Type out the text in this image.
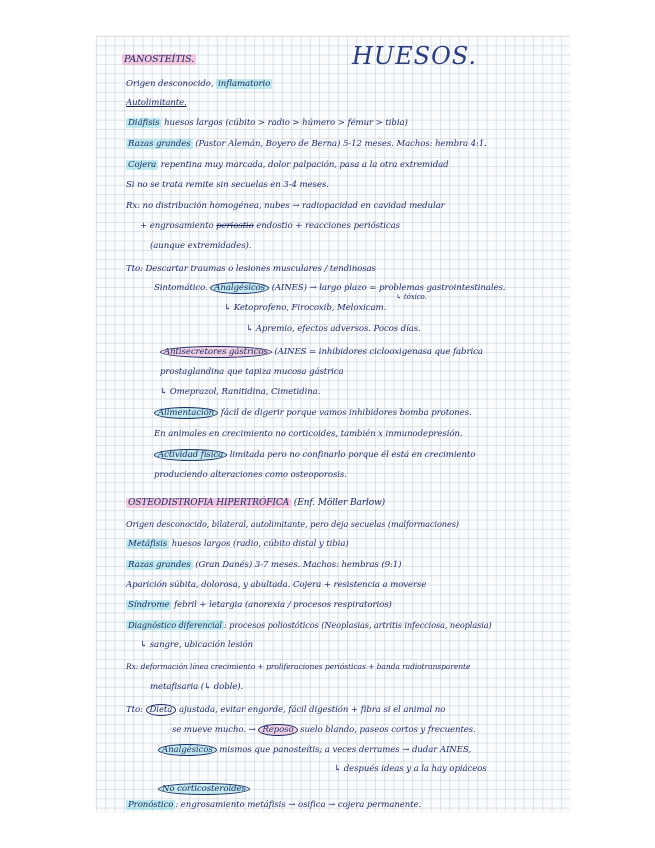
HUESOS.
PANOSTEÍTIS.
Origen desconocido, inflamatorio
Autolimitante.
Diáfisis huesos largos (cúbito > radio > húmero > fémur > tibia)
Razas grandes (Pastor Alemán, Boyero de Berna) 5-12 meses. Machos: hembra 4:1.
Cojera repentina muy marcada, dolor palpación, pasa a la otra extremidad
Si no se trata remite sin secuelas en 3-4 meses.
Rx: no distribución homogénea, nubes → radiopacidad en cavidad medular
+ engrosamiento periostio endostio + reacciones periósticas
(aunque extremidades).
Tto: Descartar traumas o lesiones musculares / tendinosas
Sintomático. Analgésicos (AINES) → largo plazo = problemas gastrointestinales.
↳ tóxico.
↳ Ketoprofeno, Firocoxib, Meloxicam.
↳ Apremio, efectos adversos. Pocos días.
Antisecretores gástricos (AINES = inhibidores ciclooxigenasa que fabrica
prostaglandina que tapiza mucosa gástrica
↳ Omeprazol, Ranitidina, Cimetidina.
Alimentación fácil de digerir porque vamos inhibidores bomba protones.
En animales en crecimiento no corticoides, también x inmunodepresión.
Actividad física limitada pero no confinarlo porque él está en crecimiento
produciendo alteraciones como osteoporosis.
OSTEODISTROFIA HIPERTRÓFICA (Enf. Möller Barlow)
Origen desconocido, bilateral, autolimitante, pero deja secuelas (malformaciones)
Metáfisis huesos largos (radio, cúbito distal y tibia)
Razas grandes (Gran Danés) 3-7 meses. Machos: hembras (9:1)
Aparición súbita, dolorosa, y abultada. Cojera + resistencia a moverse
Síndrome febril + letargia (anorexia / procesos respiratorios)
Diagnóstico diferencial : procesos poliostóticos (Neoplasias, artritis infecciosa, neoplasia)
↳ sangre, ubicación lesión
Rx: deformación línea crecimiento + proliferaciones periósticas + banda radiotransparente
metafisaria (↳ doble).
Tto: Dieta ajustada, evitar engorde, fácil digestión + fibra si el animal no
se mueve mucho. → Reposo suelo blando, paseos cortos y frecuentes.
Analgésicos mismos que panosteítis; a veces derrames → dudar AINES,
↳ después ideas y a la hay opiáceos
No corticosteroides
Pronóstico : engrosamiento metáfisis → osifica → cojera permanente.
